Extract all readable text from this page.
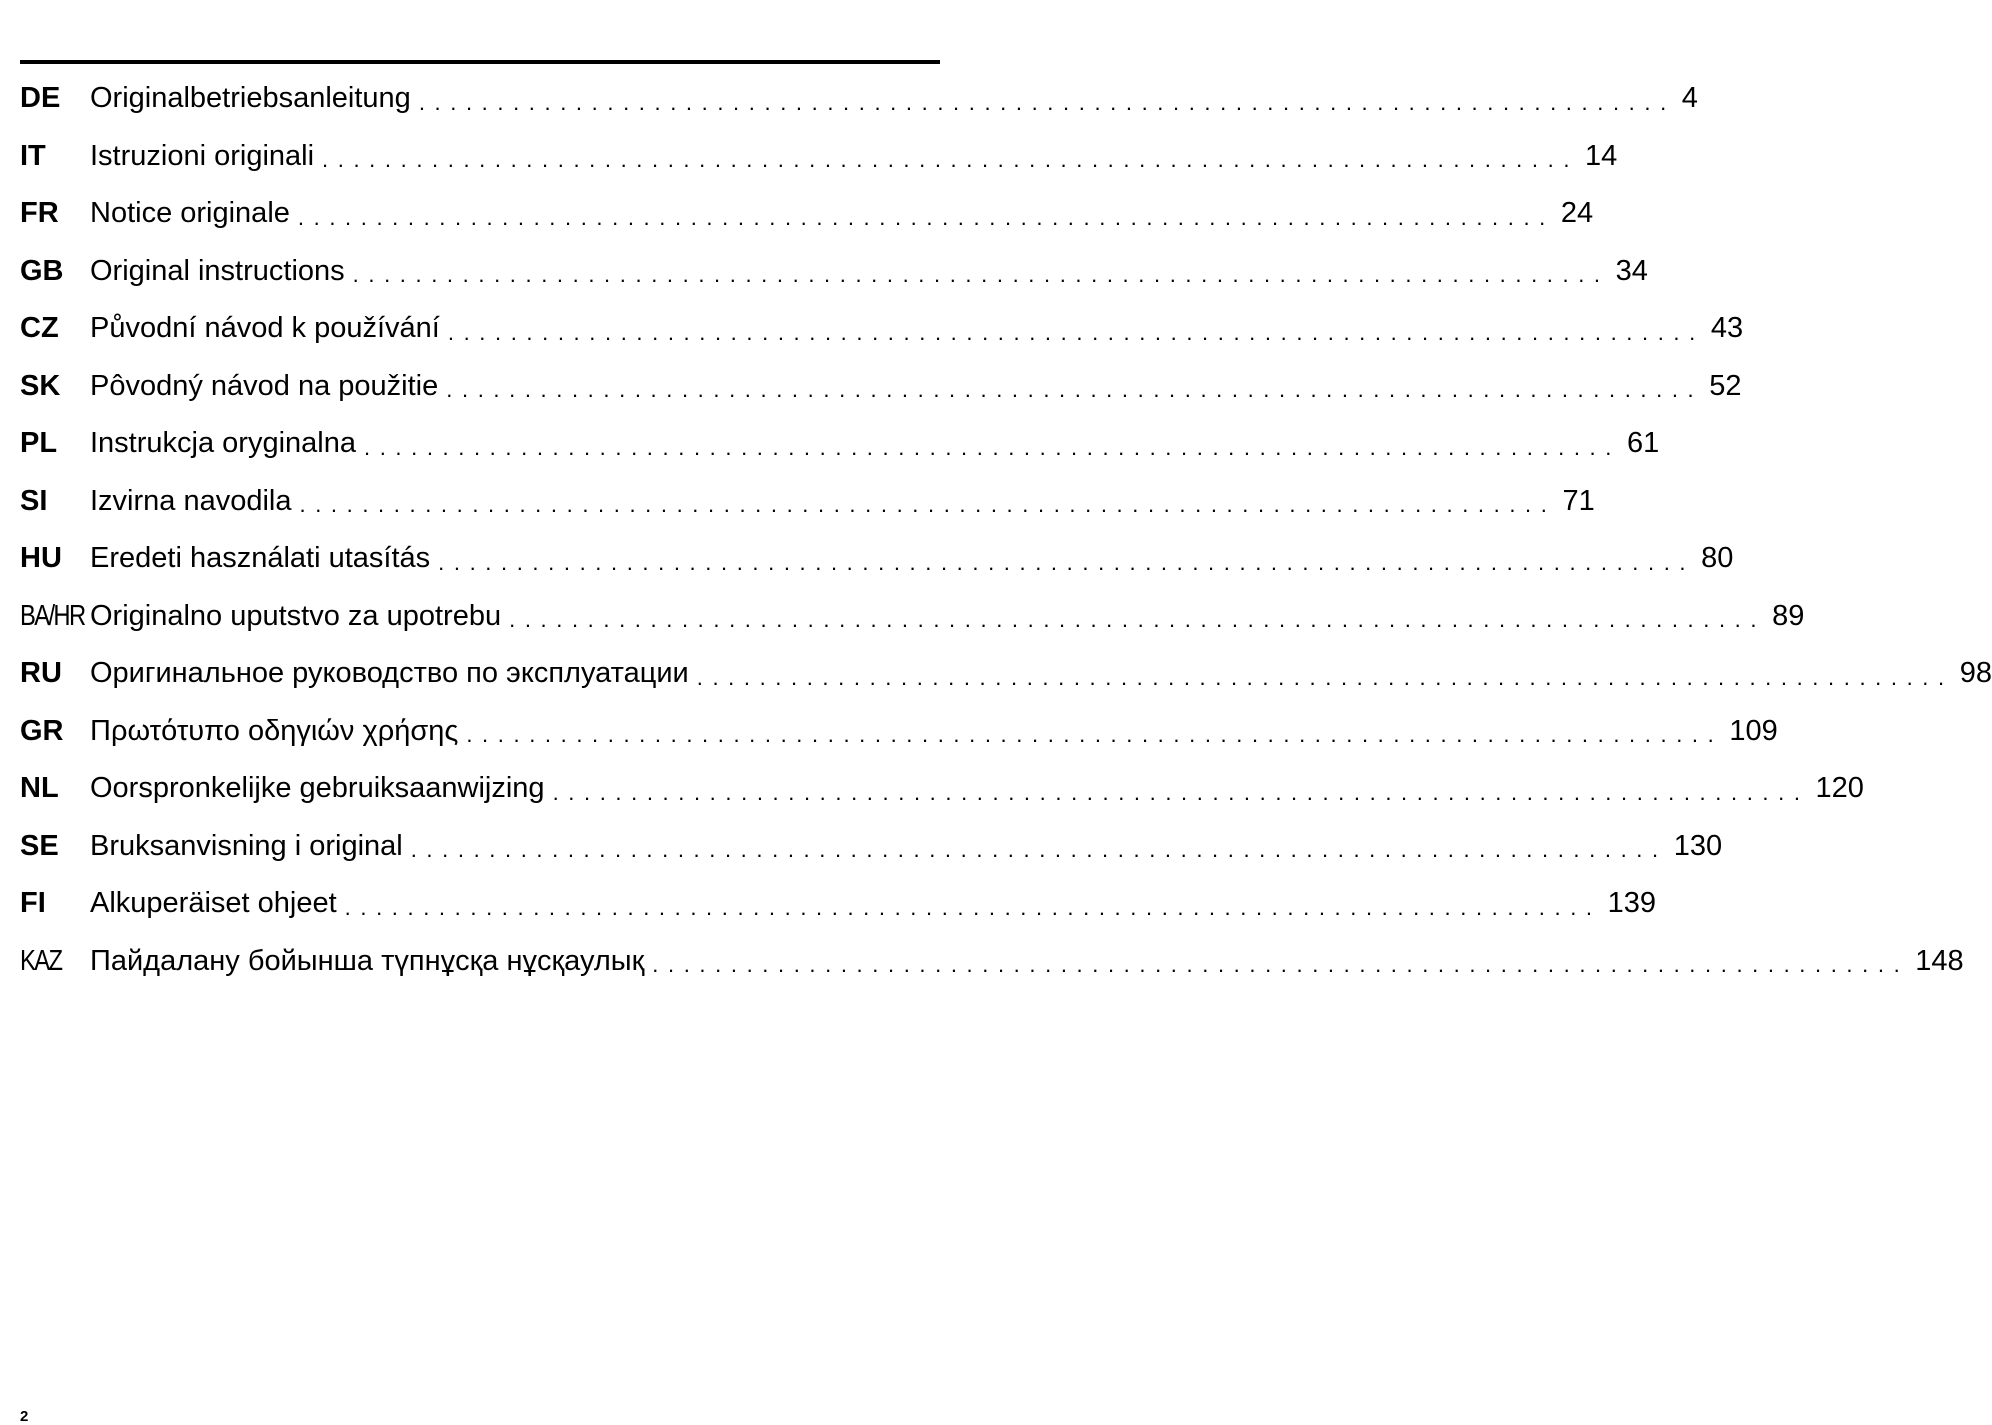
DE	Originalbetriebsanleitung ................................................................................ 4
IT	Istruzioni originali ................................................................................ 14
FR	Notice originale ................................................................................ 24
GB Original instructions ................................................................................ 34
CZ	Původní návod k používání ................................................................................ 43
SK	Pôvodný návod na použitie ................................................................................ 52
PL	Instrukcja oryginalna ................................................................................ 61
SI	Izvirna navodila ................................................................................ 71
HU Eredeti használati utasítás ................................................................................ 80
BA/HR Originalno uputstvo za upotrebu ................................................................................ 89
RU Оригинальное руководство по эксплуатации ................................................................................ 98
GR Πρωτότυπο οδηγιών χρήσης ................................................................................ 109
NL	Oorspronkelijke gebruiksaanwijzing ................................................................................ 120
SE	Bruksanvisning i original ................................................................................ 130
FI	Alkuperäiset ohjeet ................................................................................ 139
KAZ Пайдалану бойынша түпнұсқа нұсқаулық ................................................................................ 148
2
